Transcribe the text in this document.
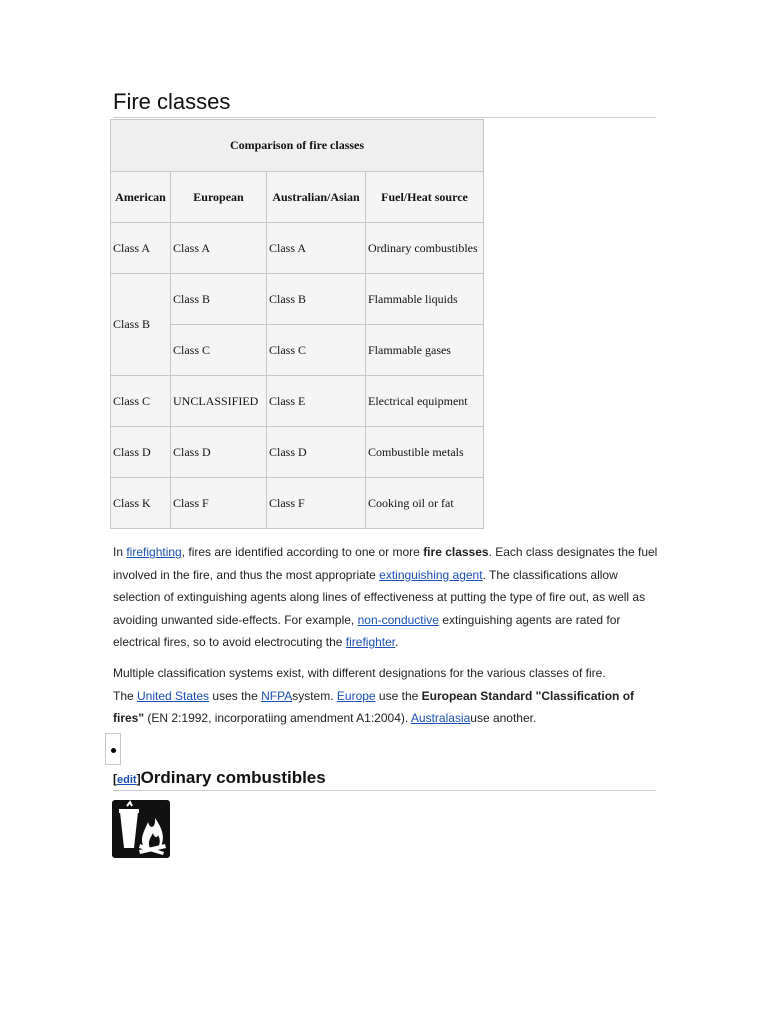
Fire classes
Comparison of fire classes
American	European	Australian/Asian	Fuel/Heat source
Class A	Class A	Class A	Ordinary combustibles
Class B	Class B	Class B	Flammable liquids
	Class C	Class C	Flammable gases
Class C	UNCLASSIFIED	Class E	Electrical equipment
Class D	Class D	Class D	Combustible metals
Class K	Class F	Class F	Cooking oil or fat

In firefighting, fires are identified according to one or more fire classes. Each class designates the fuel involved in the fire, and thus the most appropriate extinguishing agent. The classifications allow selection of extinguishing agents along lines of effectiveness at putting the type of fire out, as well as avoiding unwanted side-effects. For example, non-conductive extinguishing agents are rated for electrical fires, so to avoid electrocuting the firefighter.

Multiple classification systems exist, with different designations for the various classes of fire.
The United States uses the NFPAsystem. Europe use the European Standard "Classification of fires" (EN 2:1992, incorporatiing amendment A1:2004). Australasiause another.

[edit]Ordinary combustibles
